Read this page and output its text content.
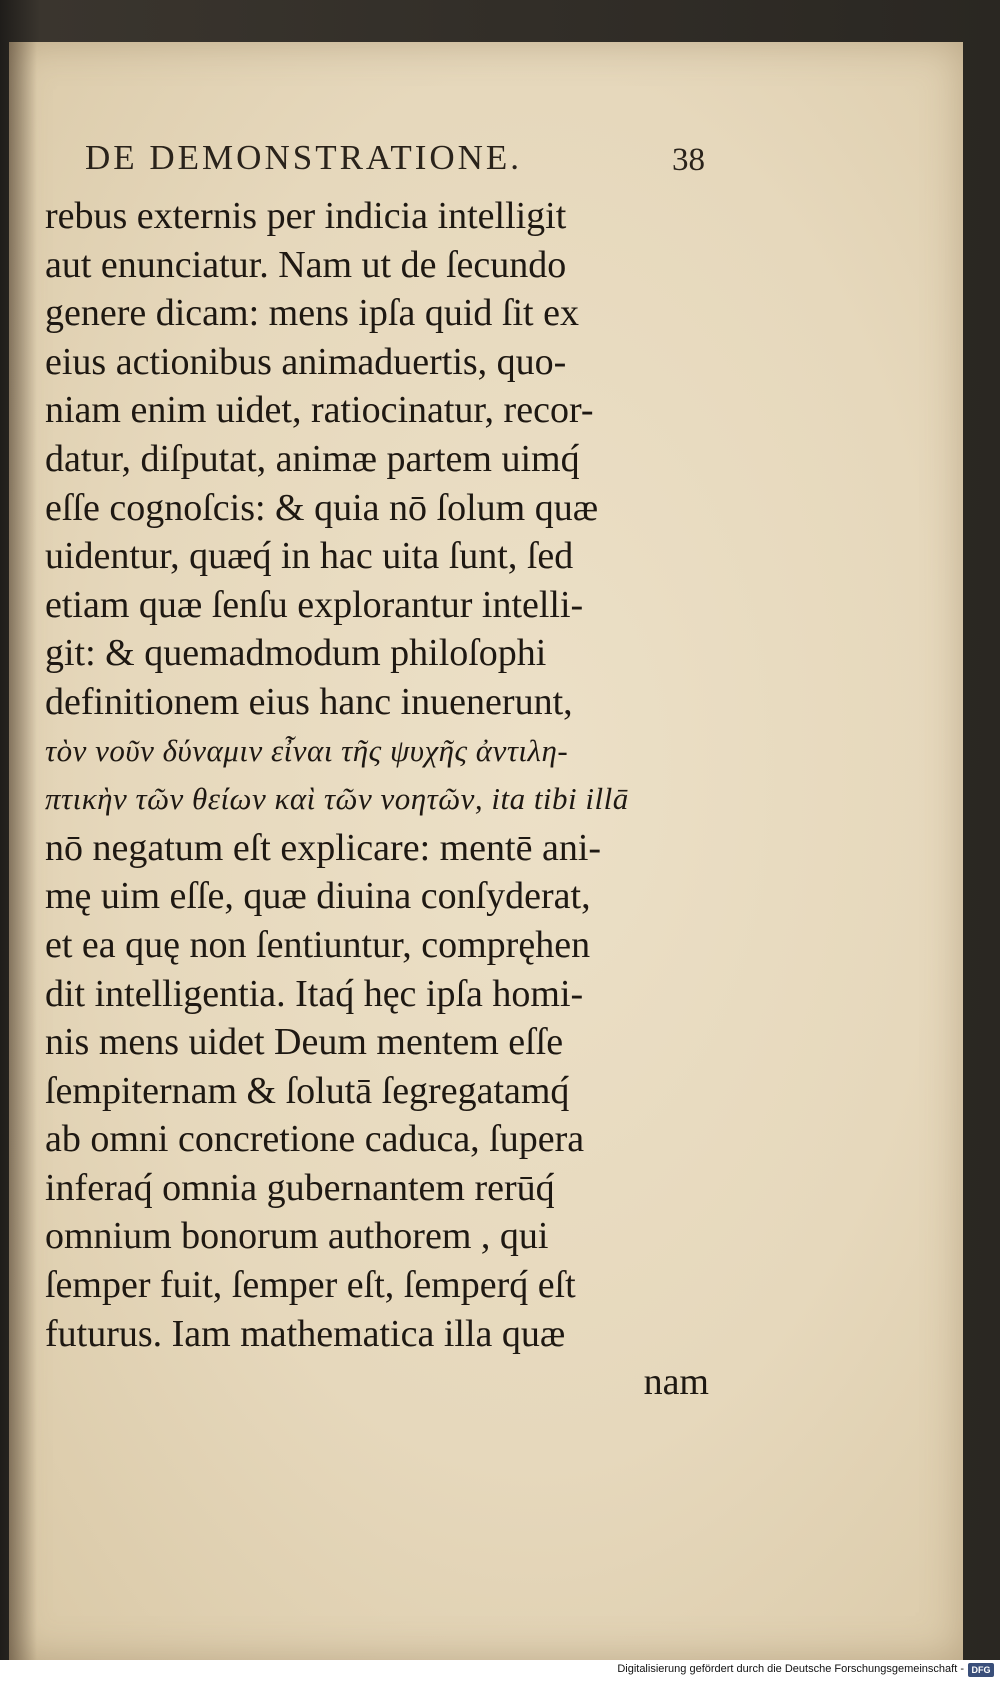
DE DEMONSTRATIONE.	38
rebus externis per indicia intelligit
aut enunciatur. Nam ut de ſecundo
genere dicam: mens ipſa quid ſit ex
eius actionibus animaduertis, quo-
niam enim uidet, ratiocinatur, recor-
datur, diſputat, animæ partem uimq́
eſſe cognoſcis: & quia nō ſolum quæ
uidentur, quæq́ in hac uita ſunt, ſed
etiam quæ ſenſu explorantur intelli-
git: & quemadmodum philoſophi
definitionem eius hanc inuenerunt,
τὸν νοῦν δύναμιν εἶναι τῆς ψυχῆς ἀντιλη-
πτικὴν τῶν θείων καὶ τῶν νοητῶν, ita tibi illā
nō negatum eſt explicare: mentē ani-
mę uim eſſe, quæ diuina conſyderat,
et ea quę non ſentiuntur, compręhen
dit intelligentia. Itaq́ hęc ipſa homi-
nis mens uidet Deum mentem eſſe
ſempiternam & ſolutā ſegregatamq́
ab omni concretione caduca, ſupera
inferaq́ omnia gubernantem rerūq́
omnium bonorum authorem , qui
ſemper fuit, ſemper eſt, ſemperq́ eſt
futurus. Iam mathematica illa quæ
nam
Digitalisierung gefördert durch die Deutsche Forschungsgemeinschaft - DFG
